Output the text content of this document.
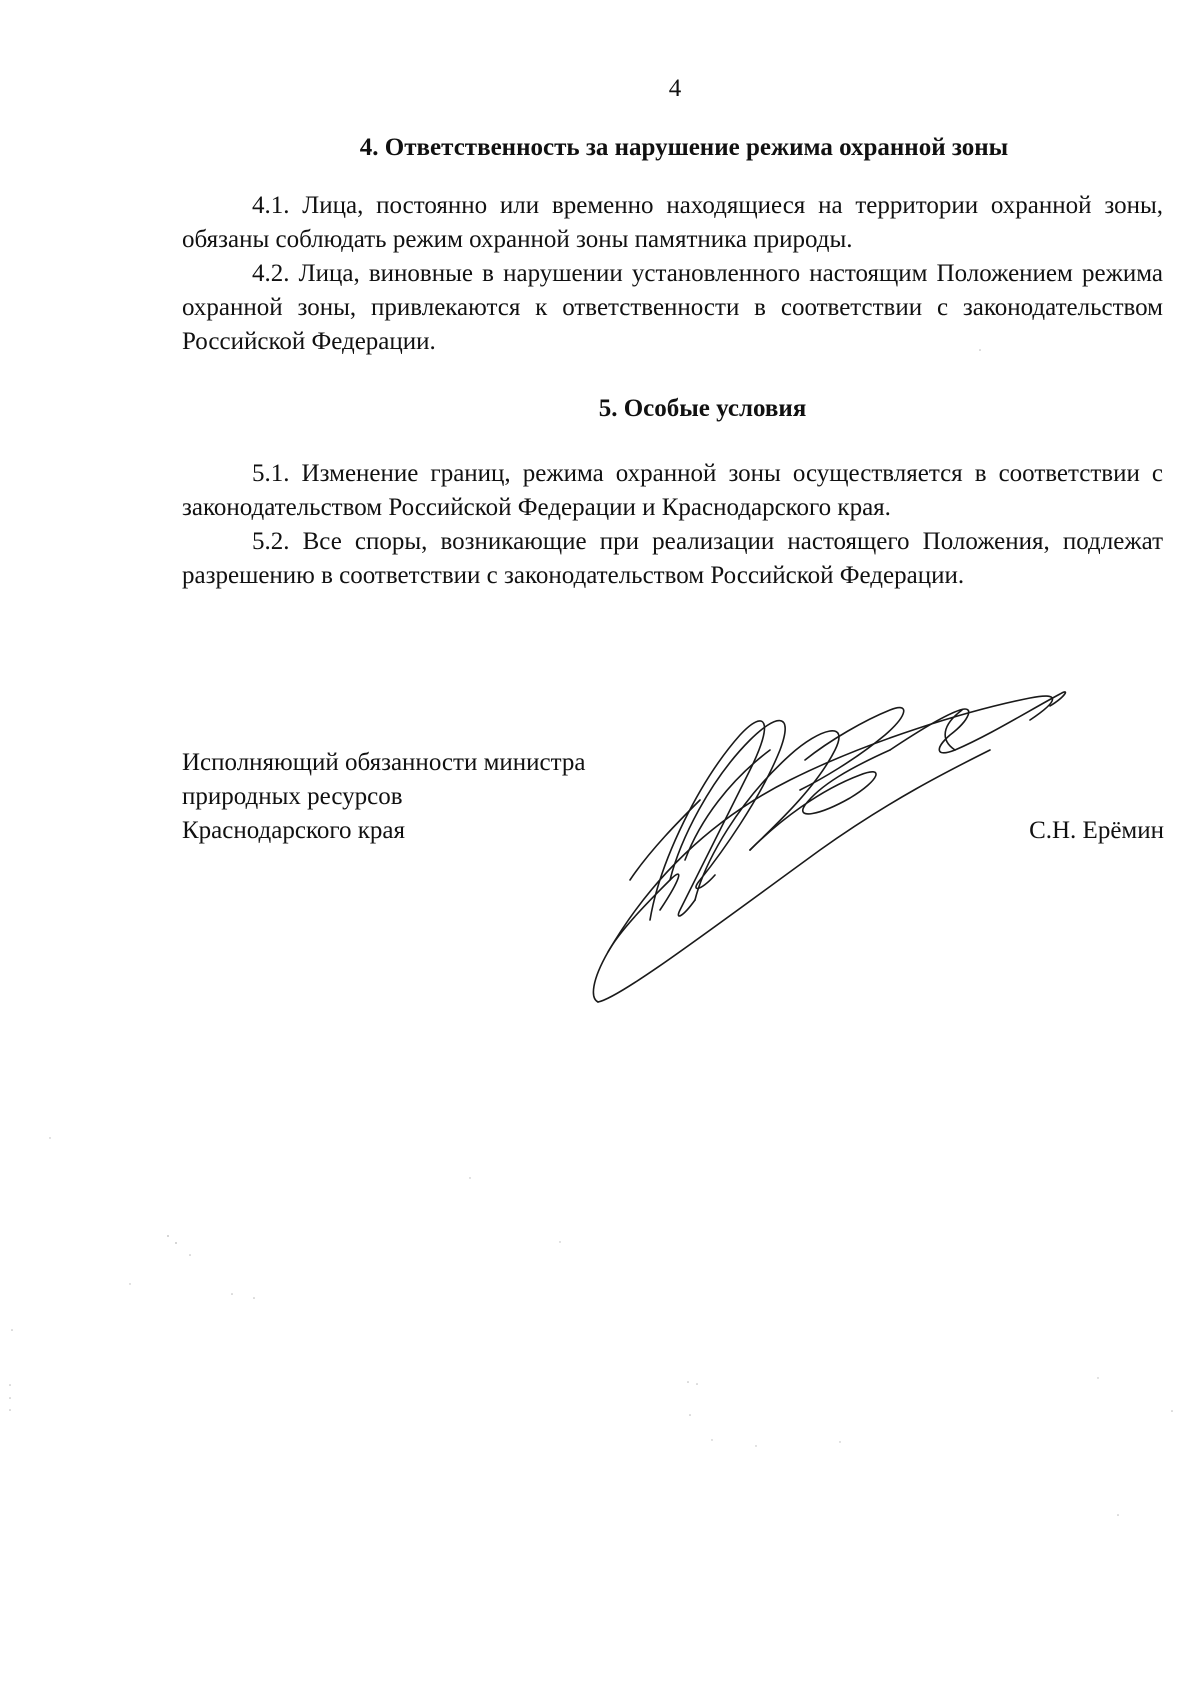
4
4. Ответственность за нарушение режима охранной зоны

4.1. Лица, постоянно или временно находящиеся на территории охранной зоны, обязаны соблюдать режим охранной зоны памятника природы.

4.2. Лица, виновные в нарушении установленного настоящим Положением режима охранной зоны, привлекаются к ответственности в соответствии с законодательством Российской Федерации.

5. Особые условия

5.1. Изменение границ, режима охранной зоны осуществляется в соответствии с законодательством Российской Федерации и Краснодарского края.

5.2. Все споры, возникающие при реализации настоящего Положения, подлежат разрешению в соответствии с законодательством Российской Федерации.

Исполняющий обязанности министра
природных ресурсов
Краснодарского края	С.Н. Ерёмин
